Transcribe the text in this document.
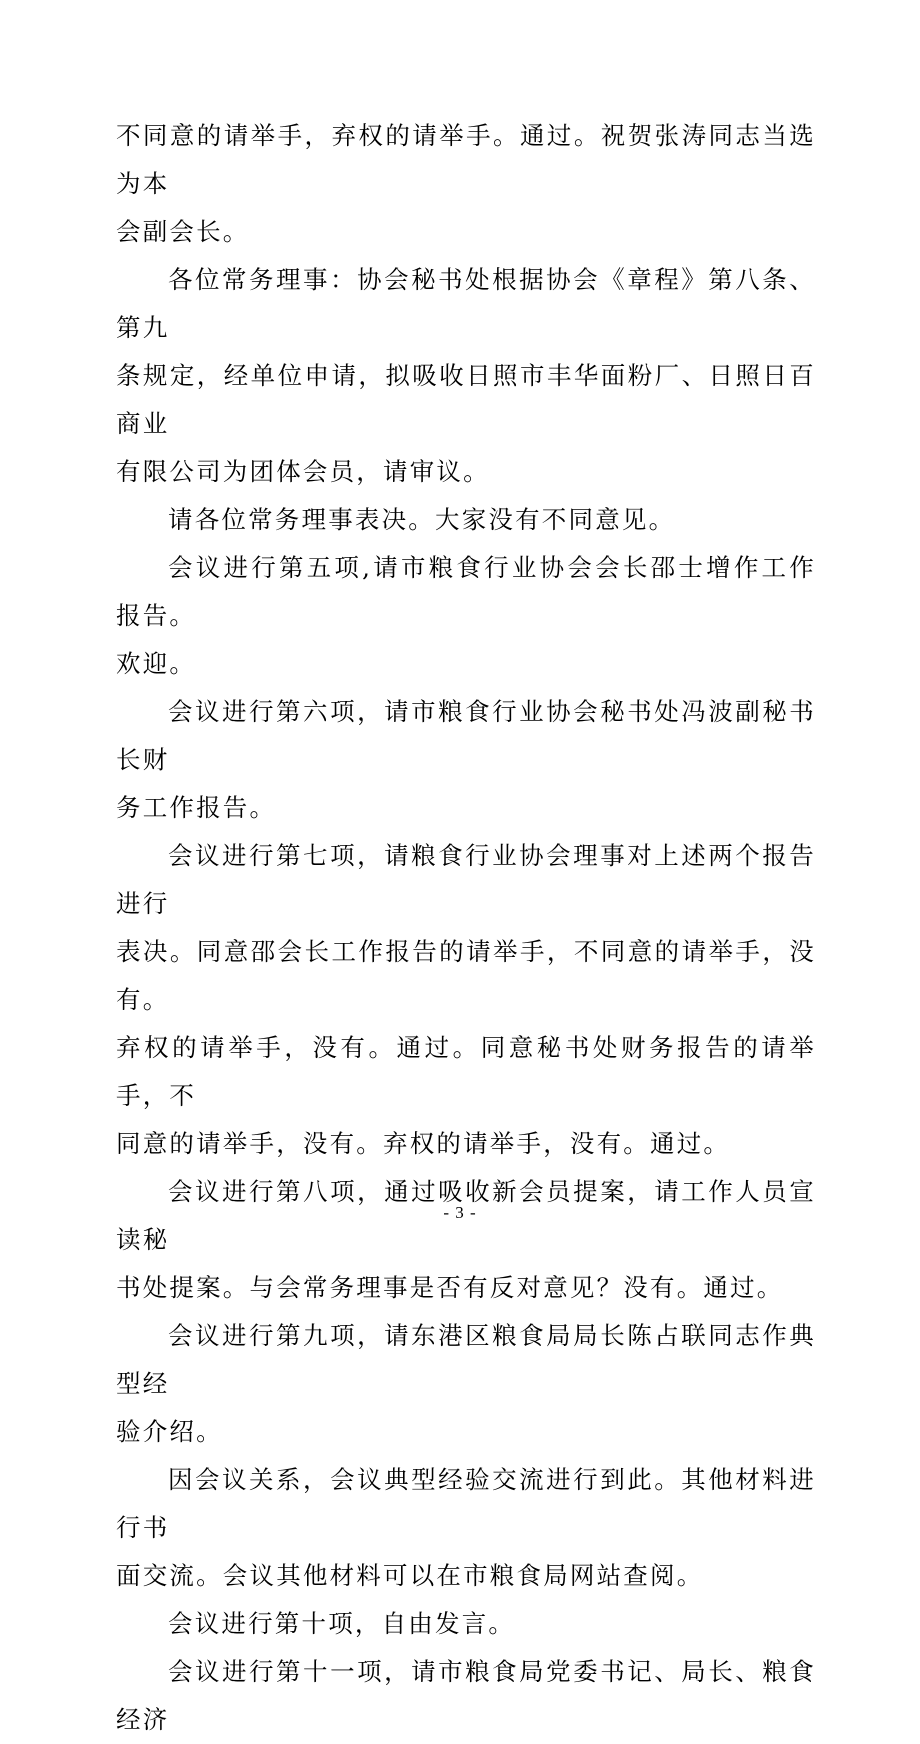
不同意的请举手，弃权的请举手。通过。祝贺张涛同志当选为本

会副会长。

各位常务理事：协会秘书处根据协会《章程》第八条、第九

条规定，经单位申请，拟吸收日照市丰华面粉厂、日照日百商业

有限公司为团体会员，请审议。

请各位常务理事表决。大家没有不同意见。

会议进行第五项,请市粮食行业协会会长邵士增作工作报告。

欢迎。

会议进行第六项，请市粮食行业协会秘书处冯波副秘书长财

务工作报告。

会议进行第七项，请粮食行业协会理事对上述两个报告进行

表决。同意邵会长工作报告的请举手，不同意的请举手，没有。

弃权的请举手，没有。通过。同意秘书处财务报告的请举手，不

同意的请举手，没有。弃权的请举手，没有。通过。

会议进行第八项，通过吸收新会员提案，请工作人员宣读秘

书处提案。与会常务理事是否有反对意见？没有。通过。

会议进行第九项，请东港区粮食局局长陈占联同志作典型经

验介绍。

因会议关系，会议典型经验交流进行到此。其他材料进行书

面交流。会议其他材料可以在市粮食局网站查阅。

会议进行第十项，自由发言。

会议进行第十一项，请市粮食局党委书记、局长、粮食经济

- 3 -
